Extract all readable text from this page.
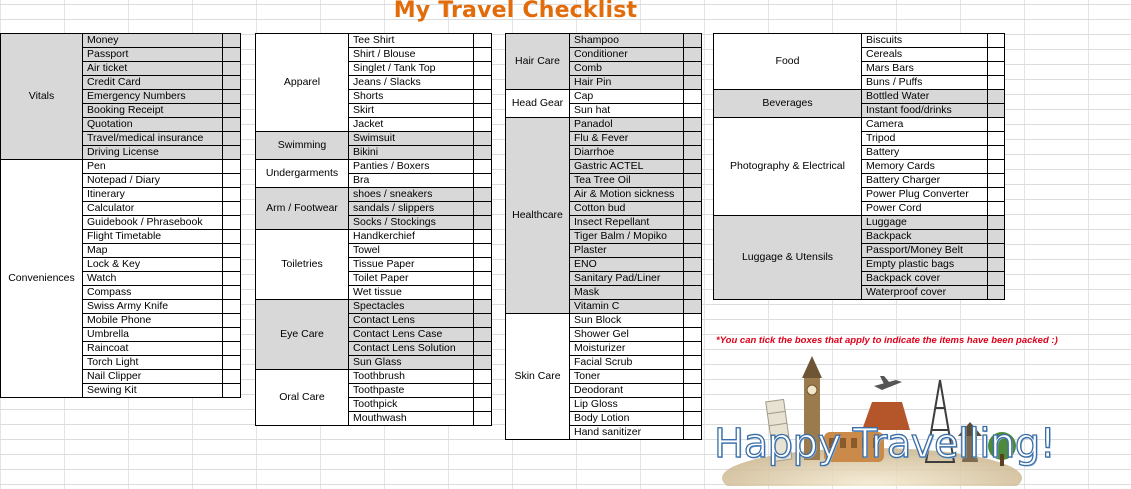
My Travel Checklist
Vitals	Money	
	Passport	
	Air ticket	
	Credit Card	
	Emergency Numbers	
	Booking Receipt	
	Quotation	
	Travel/medical insurance	
	Driving License	
Conveniences	Pen	
	Notepad / Diary	
	Itinerary	
	Calculator	
	Guidebook / Phrasebook	
	Flight Timetable	
	Map	
	Lock & Key	
	Watch	
	Compass	
	Swiss Army Knife	
	Mobile Phone	
	Umbrella	
	Raincoat	
	Torch Light	
	Nail Clipper	
	Sewing Kit	
Apparel	Tee Shirt	
	Shirt / Blouse	
	Singlet / Tank Top	
	Jeans / Slacks	
	Shorts	
	Skirt	
	Jacket	
Swimming	Swimsuit	
	Bikini	
Undergarments	Panties / Boxers	
	Bra	
Arm / Footwear	shoes / sneakers	
	sandals / slippers	
	Socks / Stockings	
Toiletries	Handkerchief	
	Towel	
	Tissue Paper	
	Toilet Paper	
	Wet tissue	
Eye Care	Spectacles	
	Contact Lens	
	Contact Lens Case	
	Contact Lens Solution	
	Sun Glass	
Oral Care	Toothbrush	
	Toothpaste	
	Toothpick	
	Mouthwash	
Hair Care	Shampoo	
	Conditioner	
	Comb	
	Hair Pin	
Head Gear	Cap	
	Sun hat	
Healthcare	Panadol	
	Flu & Fever	
	Diarrhoe	
	Gastric ACTEL	
	Tea Tree Oil	
	Air & Motion sickness	
	Cotton bud	
	Insect Repellant	
	Tiger Balm / Mopiko	
	Plaster	
	ENO	
	Sanitary Pad/Liner	
	Mask	
	Vitamin C	
Skin Care	Sun Block	
	Shower Gel	
	Moisturizer	
	Facial Scrub	
	Toner	
	Deodorant	
	Lip Gloss	
	Body Lotion	
	Hand sanitizer	
Food	Biscuits	
	Cereals	
	Mars Bars	
	Buns / Puffs	
Beverages	Bottled Water	
	Instant food/drinks	
Photography & Electrical	Camera	
	Tripod	
	Battery	
	Memory Cards	
	Battery Charger	
	Power Plug Converter	
	Power Cord	
Luggage & Utensils	Luggage	
	Backpack	
	Passport/Money Belt	
	Empty plastic bags	
	Backpack cover	
	Waterproof cover	
*You can tick the boxes that apply to indicate the items have been packed :)
Happy Travelling!
